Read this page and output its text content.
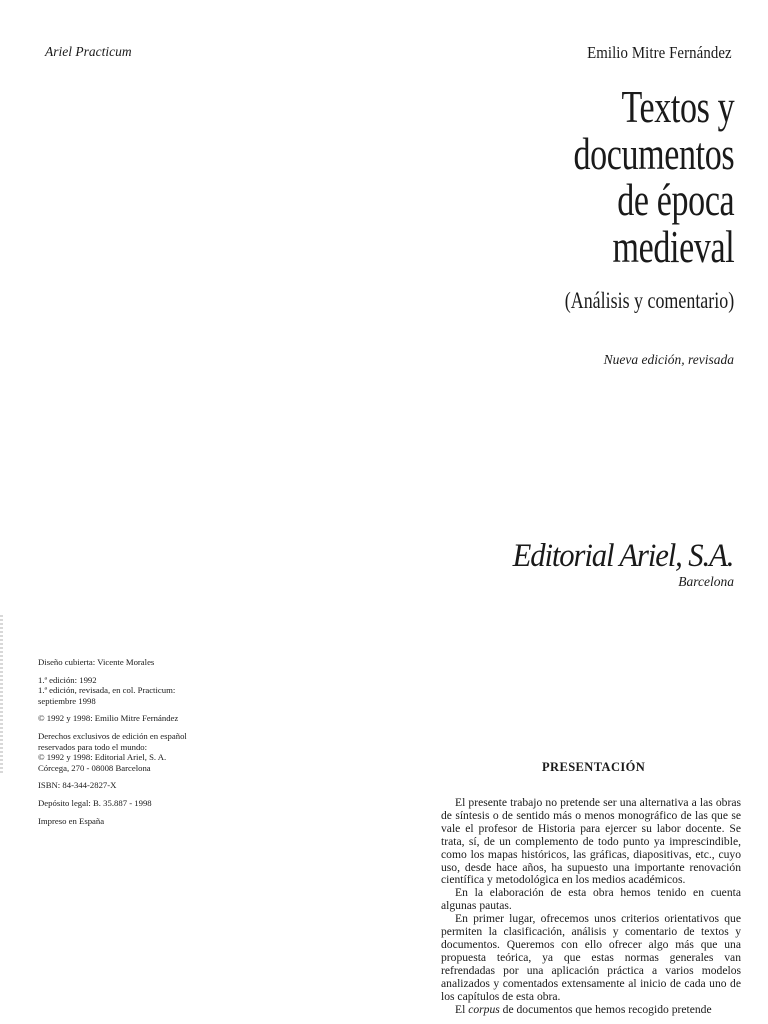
Ariel Practicum	Emilio Mitre Fernández
Textos y
documentos
de época
medieval
(Análisis y comentario)
Nueva edición, revisada
Editorial Ariel, S.A.
Barcelona

Diseño cubierta: Vicente Morales

1.ª edición: 1992
1.ª edición, revisada, en col. Practicum:
septiembre 1998

© 1992 y 1998: Emilio Mitre Fernández

Derechos exclusivos de edición en español
reservados para todo el mundo:
© 1992 y 1998: Editorial Ariel, S. A.
Córcega, 270 - 08008 Barcelona

ISBN: 84-344-2827-X

Depósito legal: B. 35.887 - 1998

Impreso en España

PRESENTACIÓN

El presente trabajo no pretende ser una alternativa a las obras de síntesis o de sentido más o menos monográfico de las que se vale el profesor de Historia para ejercer su labor docente. Se trata, sí, de un complemento de todo punto ya imprescindible, como los mapas históricos, las gráficas, diapositivas, etc., cuyo uso, desde hace años, ha supuesto una importante renovación científica y metodológica en los medios académicos.

En la elaboración de esta obra hemos tenido en cuenta algunas pautas.

En primer lugar, ofrecemos unos criterios orientativos que permiten la clasificación, análisis y comentario de textos y documentos. Queremos con ello ofrecer algo más que una propuesta teórica, ya que estas normas generales van refrendadas por una aplicación práctica a varios modelos analizados y comentados extensamente al inicio de cada uno de los capítulos de esta obra.

El corpus de documentos que hemos recogido pretende
